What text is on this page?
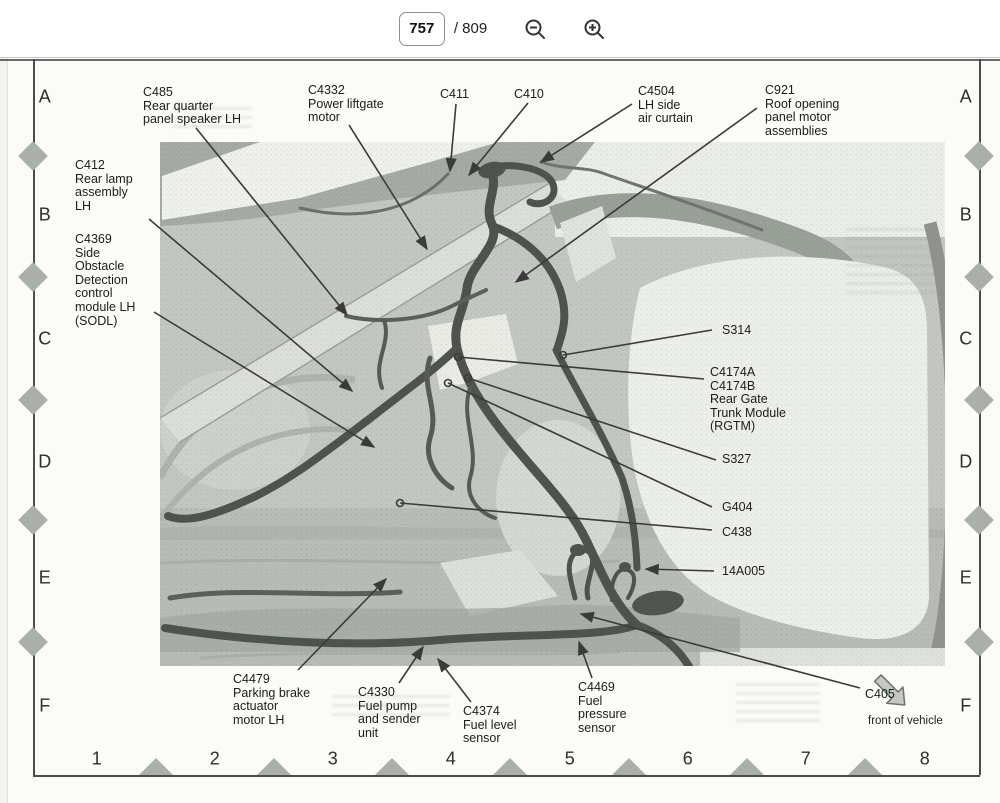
757
/ 809
C485
Rear quarter
panel speaker LH
C4332
Power liftgate
motor
C411	C410	C4504
LH side
air curtain
C921
Roof opening
panel motor
assemblies
C412
Rear lamp
assembly
LH
C4369
Side
Obstacle
Detection
control
module LH
(SODL)
S314
C4174A
C4174B
Rear Gate
Trunk Module
(RGTM)
S327
G404
C438
14A005
C4479
Parking brake
actuator
motor LH
C4330
Fuel pump
and sender
unit
C4374
Fuel level
sensor
C4469
Fuel
pressure
sensor
C405
A	A
B	B
C	C
D	D
E	E
F	F
1	2	3	4	5	6	7	8
front of vehicle
